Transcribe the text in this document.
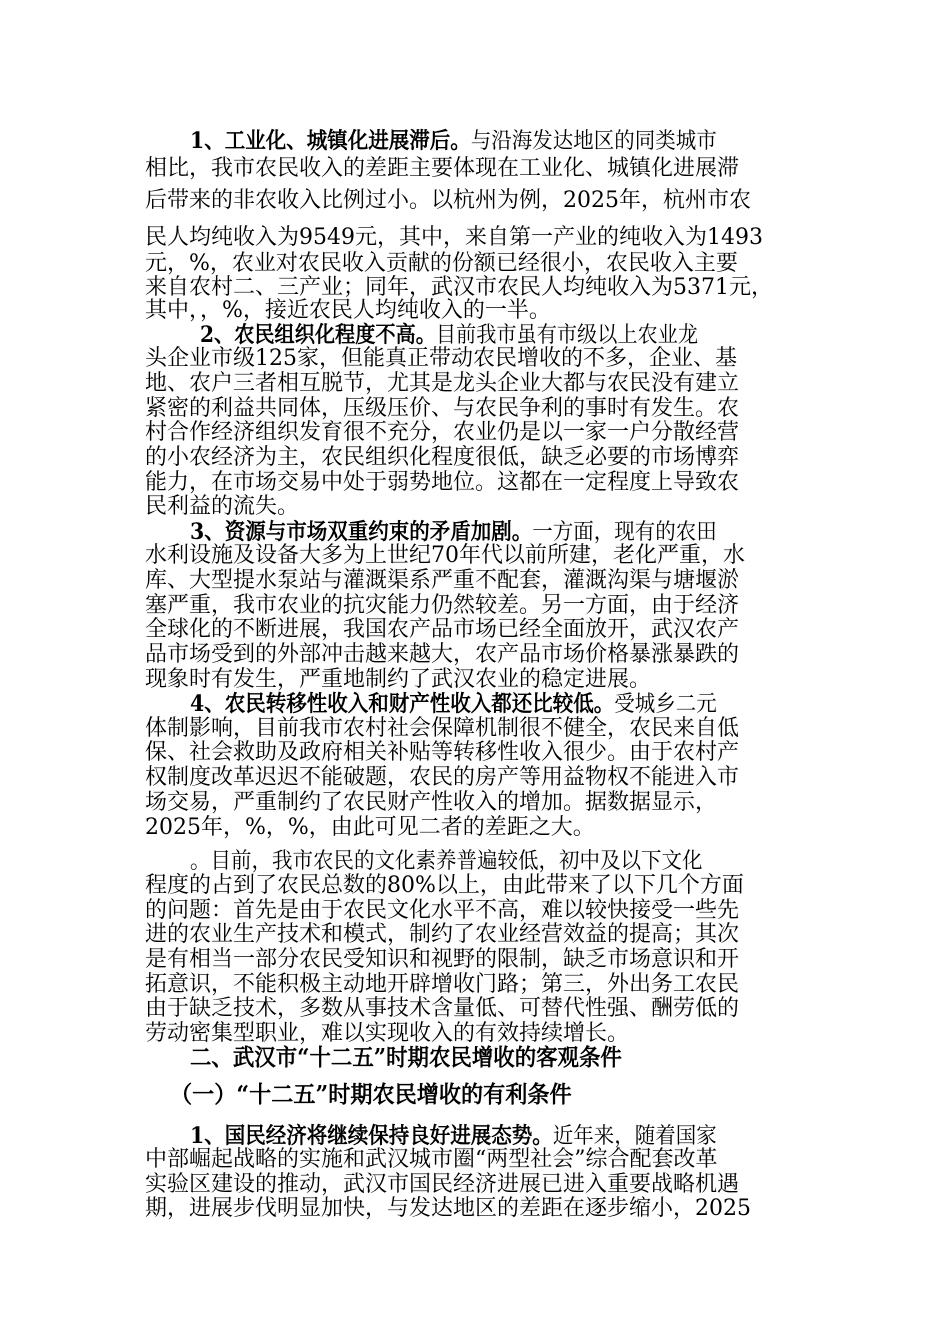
1、工业化、城镇化进展滞后。与沿海发达地区的同类城市
相比，我市农民收入的差距主要体现在工业化、城镇化进展滞
后带来的非农收入比例过小。以杭州为例，2025年，杭州市农
民人均纯收入为9549元，其中，来自第一产业的纯收入为1493
元，%，农业对农民收入贡献的份额已经很小，农民收入主要
来自农村二、三产业；同年，武汉市农民人均纯收入为5371元，
其中，，%，接近农民人均纯收入的一半。
2、农民组织化程度不高。目前我市虽有市级以上农业龙
头企业市级125家，但能真正带动农民增收的不多，企业、基
地、农户三者相互脱节，尤其是龙头企业大都与农民没有建立
紧密的利益共同体，压级压价、与农民争利的事时有发生。农
村合作经济组织发育很不充分，农业仍是以一家一户分散经营
的小农经济为主，农民组织化程度很低，缺乏必要的市场博弈
能力，在市场交易中处于弱势地位。这都在一定程度上导致农
民利益的流失。
3、资源与市场双重约束的矛盾加剧。一方面，现有的农田
水利设施及设备大多为上世纪70年代以前所建，老化严重，水
库、大型提水泵站与灌溉渠系严重不配套，灌溉沟渠与塘堰淤
塞严重，我市农业的抗灾能力仍然较差。另一方面，由于经济
全球化的不断进展，我国农产品市场已经全面放开，武汉农产
品市场受到的外部冲击越来越大，农产品市场价格暴涨暴跌的
现象时有发生，严重地制约了武汉农业的稳定进展。
4、农民转移性收入和财产性收入都还比较低。受城乡二元
体制影响，目前我市农村社会保障机制很不健全，农民来自低
保、社会救助及政府相关补贴等转移性收入很少。由于农村产
权制度改革迟迟不能破题，农民的房产等用益物权不能进入市
场交易，严重制约了农民财产性收入的增加。据数据显示，
2025年，%，%，由此可见二者的差距之大。
。目前，我市农民的文化素养普遍较低，初中及以下文化
程度的占到了农民总数的80%以上，由此带来了以下几个方面
的问题：首先是由于农民文化水平不高，难以较快接受一些先
进的农业生产技术和模式，制约了农业经营效益的提高；其次
是有相当一部分农民受知识和视野的限制，缺乏市场意识和开
拓意识，不能积极主动地开辟增收门路；第三，外出务工农民
由于缺乏技术，多数从事技术含量低、可替代性强、酬劳低的
劳动密集型职业，难以实现收入的有效持续增长。
二、武汉市“十二五”时期农民增收的客观条件
（一）“十二五”时期农民增收的有利条件
1、国民经济将继续保持良好进展态势。近年来，随着国家
中部崛起战略的实施和武汉城市圈“两型社会”综合配套改革
实验区建设的推动，武汉市国民经济进展已进入重要战略机遇
期，进展步伐明显加快，与发达地区的差距在逐步缩小，2025
